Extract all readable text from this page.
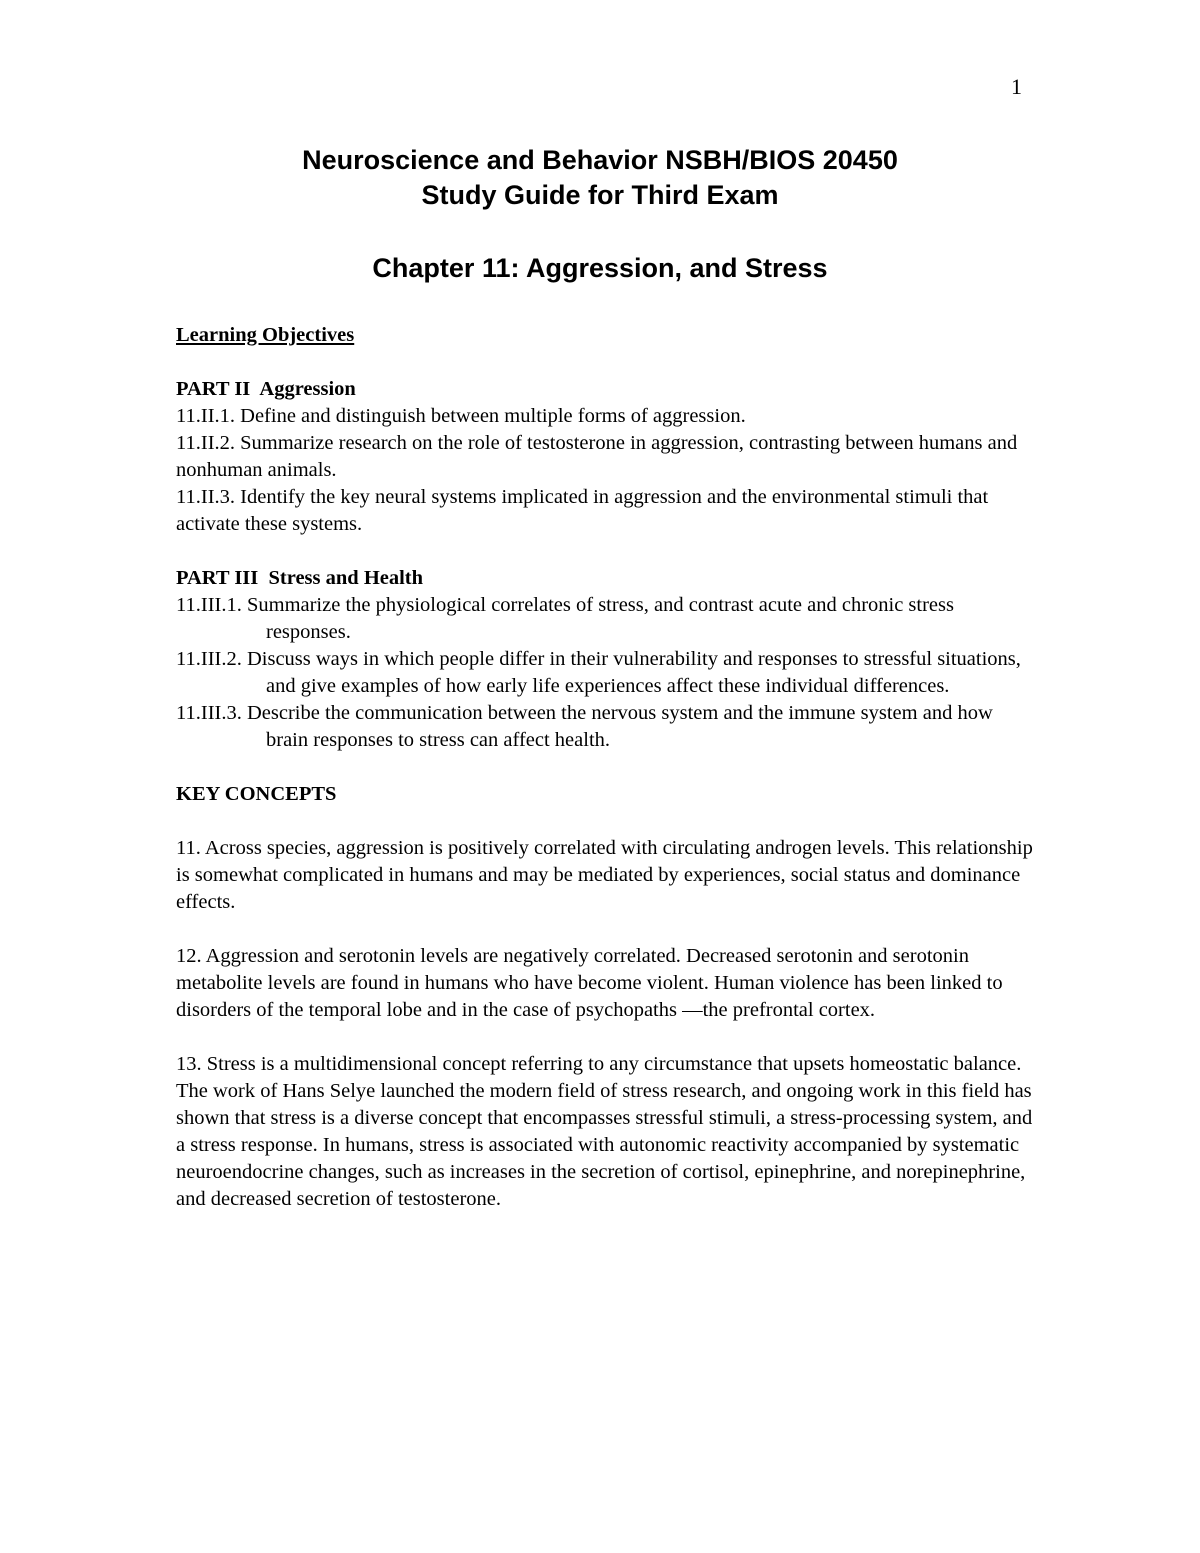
1
Neuroscience and Behavior NSBH/BIOS 20450
Study Guide for Third Exam
Chapter 11: Aggression, and Stress

Learning Objectives

PART II  Aggression

11.II.1. Define and distinguish between multiple forms of aggression.

11.II.2. Summarize research on the role of testosterone in aggression, contrasting between humans and nonhuman animals.

11.II.3. Identify the key neural systems implicated in aggression and the environmental stimuli that activate these systems.

PART III  Stress and Health

11.III.1. Summarize the physiological correlates of stress, and contrast acute and chronic stress responses.

11.III.2. Discuss ways in which people differ in their vulnerability and responses to stressful situations, and give examples of how early life experiences affect these individual differences.

11.III.3. Describe the communication between the nervous system and the immune system and how brain responses to stress can affect health.

KEY CONCEPTS

11. Across species, aggression is positively correlated with circulating androgen levels. This relationship is somewhat complicated in humans and may be mediated by experiences, social status and dominance effects.

12. Aggression and serotonin levels are negatively correlated. Decreased serotonin and serotonin metabolite levels are found in humans who have become violent. Human violence has been linked to disorders of the temporal lobe and in the case of psychopaths —the prefrontal cortex.

13. Stress is a multidimensional concept referring to any circumstance that upsets homeostatic balance. The work of Hans Selye launched the modern field of stress research, and ongoing work in this field has shown that stress is a diverse concept that encompasses stressful stimuli, a stress-processing system, and a stress response. In humans, stress is associated with autonomic reactivity accompanied by systematic neuroendocrine changes, such as increases in the secretion of cortisol, epinephrine, and norepinephrine, and decreased secretion of testosterone.
